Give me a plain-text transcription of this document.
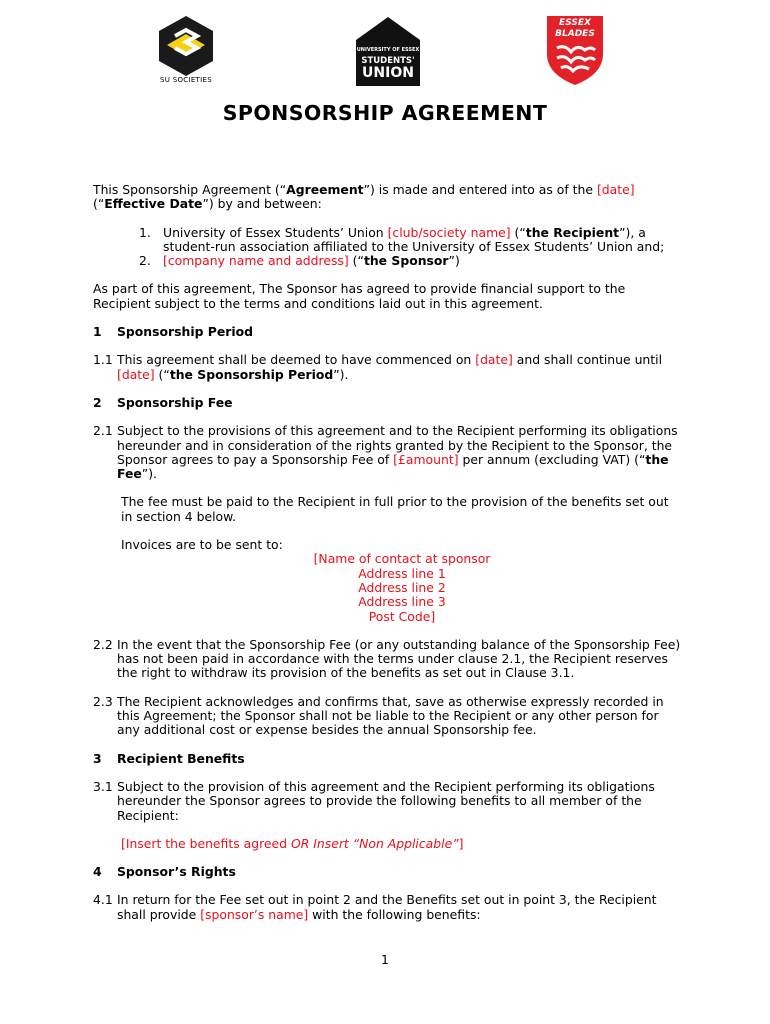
SU SOCIETIES
UNIVERSITY OF ESSEX
STUDENTS'
UNION
ESSEX
BLADES
SPONSORSHIP AGREEMENT

This Sponsorship Agreement (“Agreement”) is made and entered into as of the [date]
(“Effective Date”) by and between:

1. University of Essex Students’ Union [club/society name] (“the Recipient”), a student-run association affiliated to the University of Essex Students’ Union and;
2. [company name and address] (“the Sponsor”)

As part of this agreement, The Sponsor has agreed to provide financial support to the Recipient subject to the terms and conditions laid out in this agreement.

1 Sponsorship Period
1.1 This agreement shall be deemed to have commenced on [date] and shall continue until [date] (“the Sponsorship Period”).
2 Sponsorship Fee
2.1 Subject to the provisions of this agreement and to the Recipient performing its obligations hereunder and in consideration of the rights granted by the Recipient to the Sponsor, the Sponsor agrees to pay a Sponsorship Fee of [£amount] per annum (excluding VAT) (“the Fee”).

The fee must be paid to the Recipient in full prior to the provision of the benefits set out in section 4 below.

Invoices are to be sent to:

[Name of contact at sponsor
Address line 1
Address line 2
Address line 3
Post Code]
2.2 In the event that the Sponsorship Fee (or any outstanding balance of the Sponsorship Fee) has not been paid in accordance with the terms under clause 2.1, the Recipient reserves the right to withdraw its provision of the benefits as set out in Clause 3.1.
2.3 The Recipient acknowledges and confirms that, save as otherwise expressly recorded in this Agreement; the Sponsor shall not be liable to the Recipient or any other person for any additional cost or expense besides the annual Sponsorship fee.
3 Recipient Benefits
3.1 Subject to the provision of this agreement and the Recipient performing its obligations hereunder the Sponsor agrees to provide the following benefits to all member of the Recipient:

[Insert the benefits agreed OR Insert “Non Applicable”]

4 Sponsor’s Rights
4.1 In return for the Fee set out in point 2 and the Benefits set out in point 3, the Recipient shall provide [sponsor’s name] with the following benefits:
1
